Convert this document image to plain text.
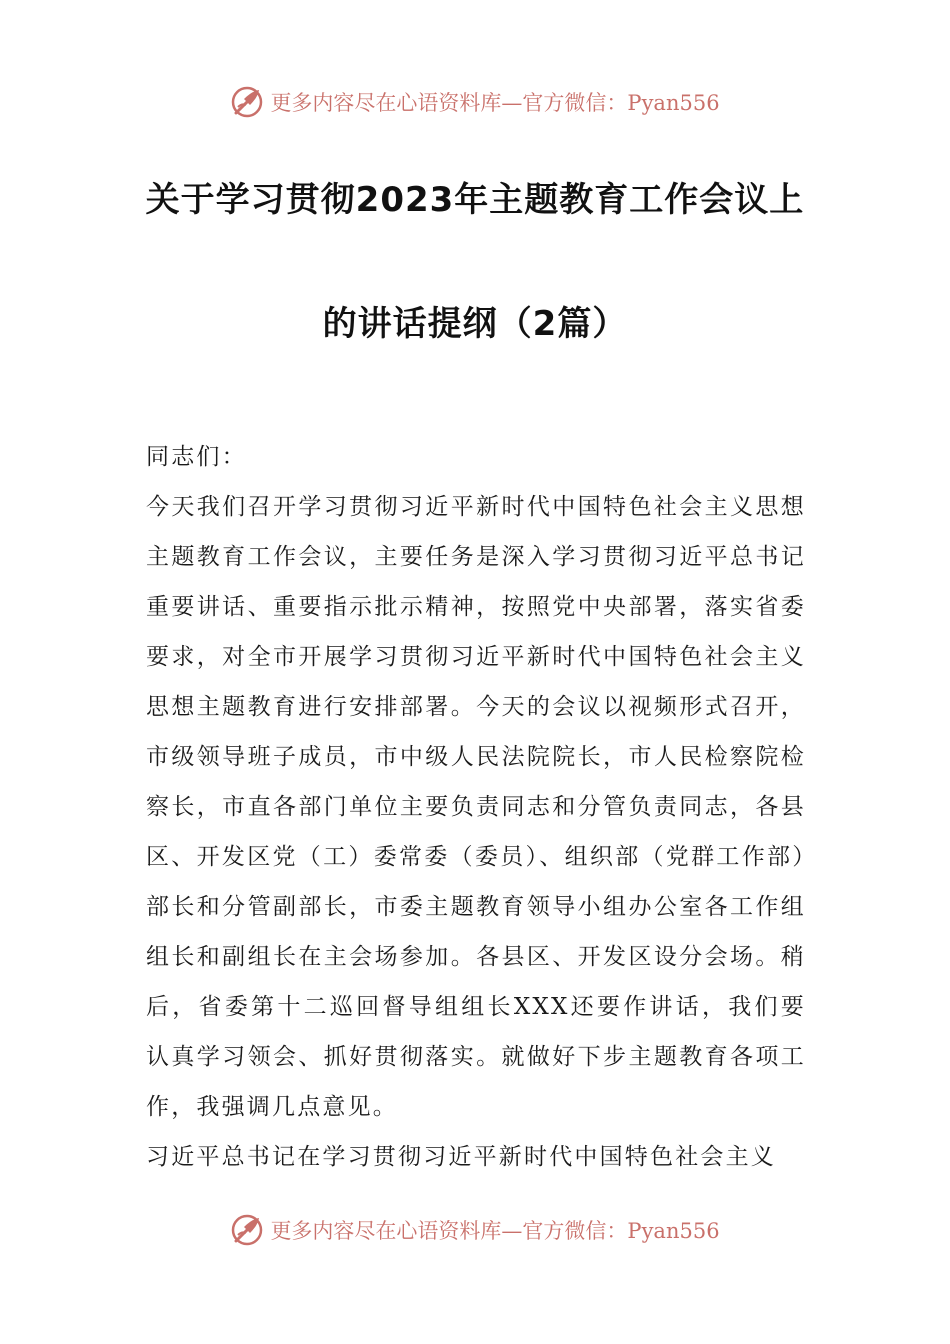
更多内容尽在心语资料库—官方微信：Pyan556
关于学习贯彻2023年主题教育工作会议上
的讲话提纲（2篇）

同志们：

今天我们召开学习贯彻习近平新时代中国特色社会主义思想主题教育工作会议，主要任务是深入学习贯彻习近平总书记重要讲话、重要指示批示精神，按照党中央部署，落实省委要求，对全市开展学习贯彻习近平新时代中国特色社会主义思想主题教育进行安排部署。今天的会议以视频形式召开，市级领导班子成员，市中级人民法院院长，市人民检察院检察长，市直各部门单位主要负责同志和分管负责同志，各县区、开发区党（工）委常委（委员）、组织部（党群工作部）部长和分管副部长，市委主题教育领导小组办公室各工作组组长和副组长在主会场参加。各县区、开发区设分会场。稍后，省委第十二巡回督导组组长XXX还要作讲话，我们要认真学习领会、抓好贯彻落实。就做好下步主题教育各项工作，我强调几点意见。

习近平总书记在学习贯彻习近平新时代中国特色社会主义

更多内容尽在心语资料库—官方微信：Pyan556
